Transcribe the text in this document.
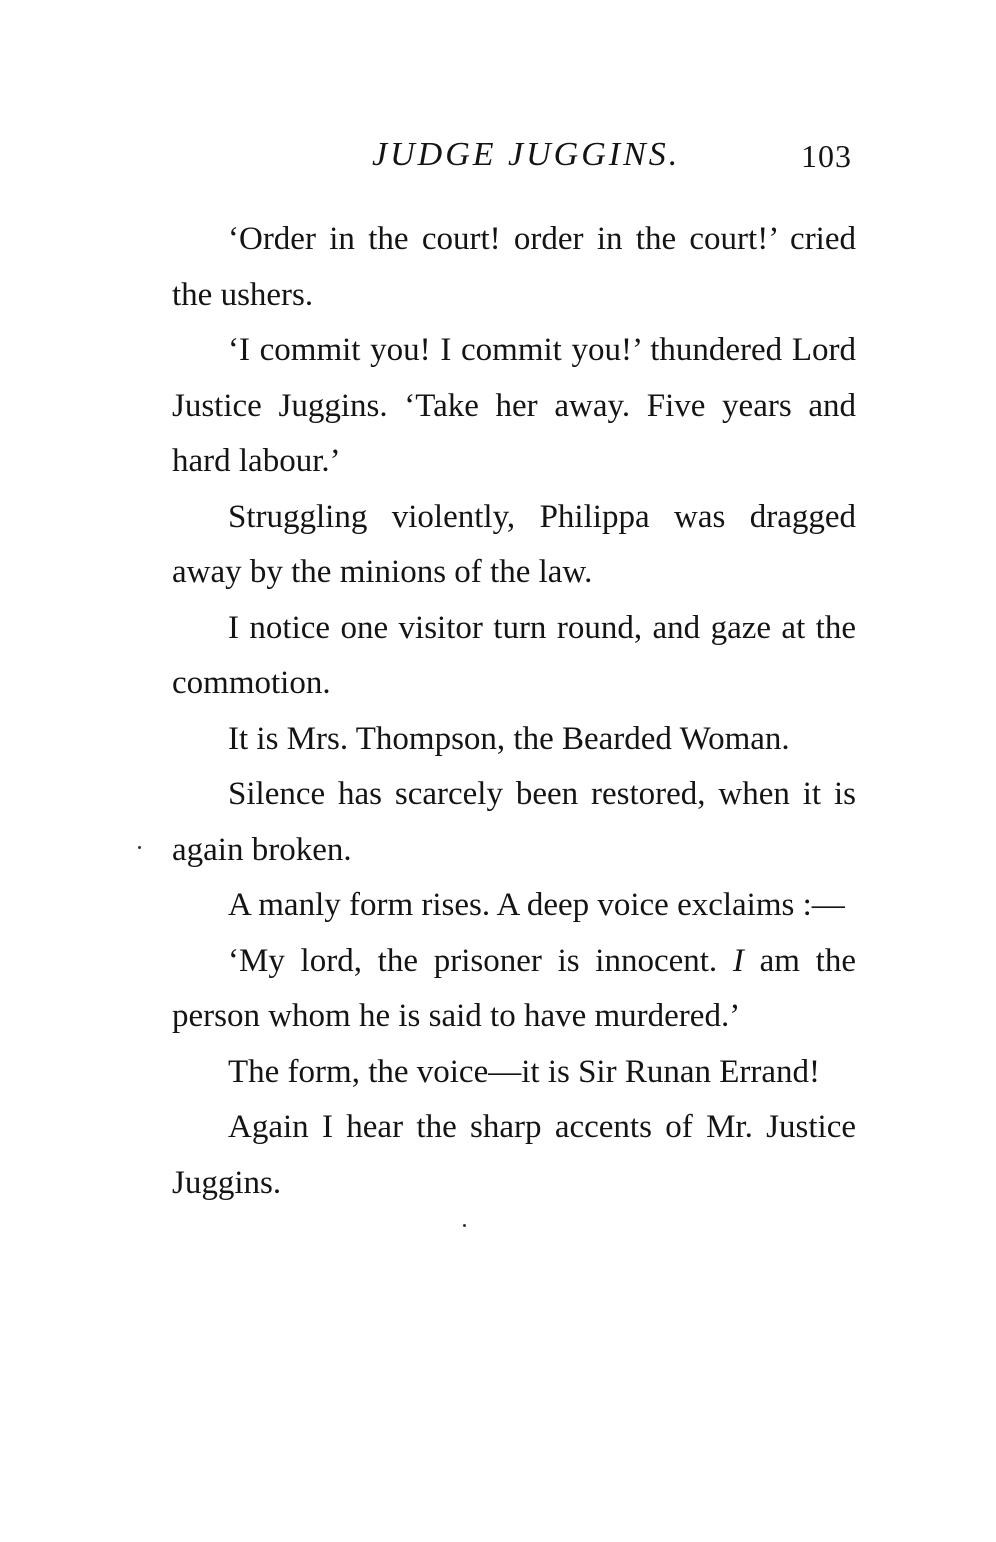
JUDGE JUGGINS.	103

‘Order in the court! order in the court!’ cried the ushers.

‘I commit you! I commit you!’ thundered Lord Justice Juggins. ‘Take her away. Five years and hard labour.’

Struggling violently, Philippa was dragged away by the minions of the law.

I notice one visitor turn round, and gaze at the commotion.

It is Mrs. Thompson, the Bearded Woman.

Silence has scarcely been restored, when it is again broken.

A manly form rises. A deep voice exclaims :—

‘My lord, the prisoner is innocent. I am the person whom he is said to have murdered.’

The form, the voice—it is Sir Runan Errand!

Again I hear the sharp accents of Mr. Justice Juggins.
